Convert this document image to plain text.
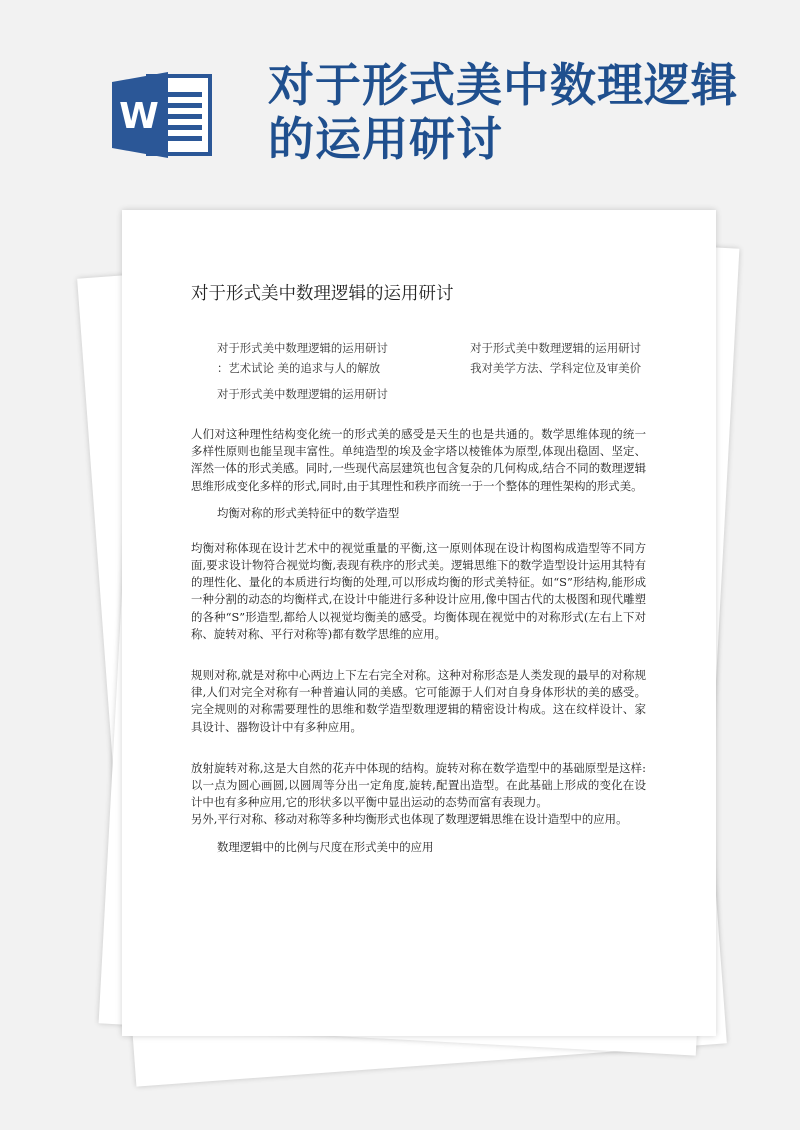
W
对于形式美中数理逻辑
的运用研讨
对于形式美中数理逻辑的运用研讨
对于形式美中数理逻辑的运用研讨	对于形式美中数理逻辑的运用研讨
：艺术试论 美的追求与人的解放	我对美学方法、学科定位及审美价
对于形式美中数理逻辑的运用研讨

人们对这种理性结构变化统一的形式美的感受是天生的也是共通的。数学思维体现的统一多样性原则也能呈现丰富性。单纯造型的埃及金字塔以棱锥体为原型,体现出稳固、坚定、浑然一体的形式美感。同时,一些现代高层建筑也包含复杂的几何构成,结合不同的数理逻辑思维形成变化多样的形式,同时,由于其理性和秩序而统一于一个整体的理性架构的形式美。

均衡对称的形式美特征中的数学造型

均衡对称体现在设计艺术中的视觉重量的平衡,这一原则体现在设计构图构成造型等不同方面,要求设计物符合视觉均衡,表现有秩序的形式美。逻辑思维下的数学造型设计运用其特有的理性化、量化的本质进行均衡的处理,可以形成均衡的形式美特征。如“S”形结构,能形成一种分割的动态的均衡样式,在设计中能进行多种设计应用,像中国古代的太极图和现代雕塑的各种“S”形造型,都给人以视觉均衡美的感受。均衡体现在视觉中的对称形式(左右上下对称、旋转对称、平行对称等)都有数学思维的应用。

规则对称,就是对称中心两边上下左右完全对称。这种对称形态是人类发现的最早的对称规律,人们对完全对称有一种普遍认同的美感。它可能源于人们对自身身体形状的美的感受。完全规则的对称需要理性的思维和数学造型数理逻辑的精密设计构成。这在纹样设计、家具设计、器物设计中有多种应用。

放射旋转对称,这是大自然的花卉中体现的结构。旋转对称在数学造型中的基础原型是这样:以一点为圆心画圆,以圆周等分出一定角度,旋转,配置出造型。在此基础上形成的变化在设计中也有多种应用,它的形状多以平衡中显出运动的态势而富有表现力。

另外,平行对称、移动对称等多种均衡形式也体现了数理逻辑思维在设计造型中的应用。

数理逻辑中的比例与尺度在形式美中的应用
